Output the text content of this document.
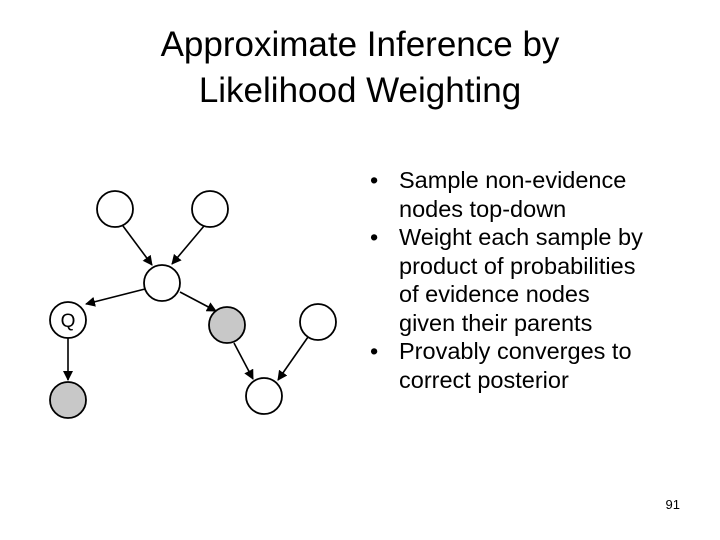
Approximate Inference by
Likelihood Weighting
Q
• Sample non-evidence
nodes top-down
• Weight each sample by
product of probabilities
of evidence nodes
given their parents
• Provably converges to
correct posterior
91
